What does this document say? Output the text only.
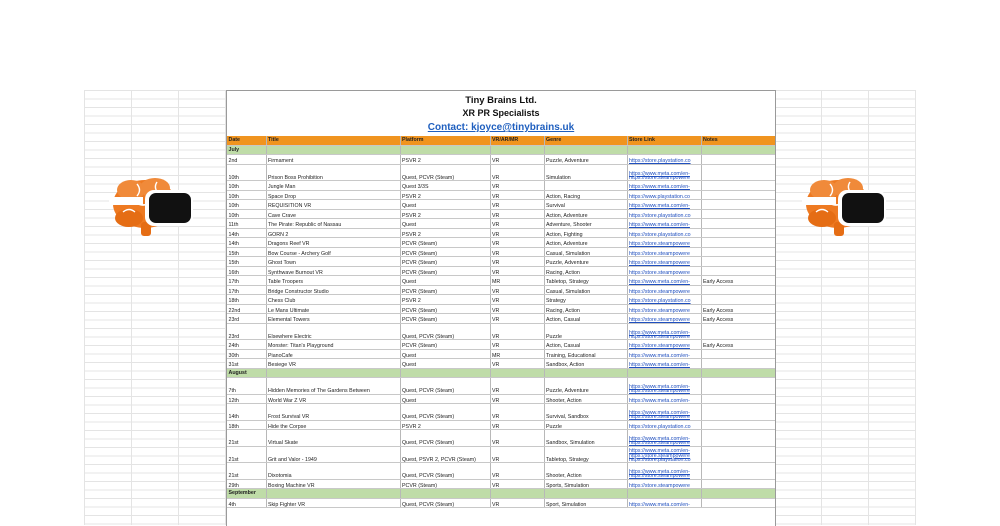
Tiny Brains Ltd.
XR PR Specialists
Contact: kjoyce@tinybrains.uk
Date	Title	Platform	VR/AR/MR	Genre	Store Link	Notes
July						
2nd	Firmament	PSVR 2	VR	Puzzle, Adventure	https://store.playstation.co	

10th	Prison Boss Prohibition	Quest, PCVR (Steam)	VR	Simulation	https://www.meta.com/en-
https://store.steampowere	

10th	Jungle Man	Quest 3/3S	VR		https://www.meta.com/en-	

10th	Space Drop	PSVR 2	VR	Action, Racing	https://www.playstation.co	

10th	REQUISITION VR	Quest	VR	Survival	https://www.meta.com/en-	

10th	Cave Crave	PSVR 2	VR	Action, Adventure	https://store.playstation.co	

11th	The Pirate: Republic of Nassau	Quest	VR	Adventure, Shooter	https://www.meta.com/en-	

14th	GORN 2	PSVR 2	VR	Action, Fighting	https://store.playstation.co	

14th	Dragons Reef VR	PCVR (Steam)	VR	Action, Adventure	https://store.steampowere	

15th	Bow Course - Archery Golf	PCVR (Steam)	VR	Casual, Simulation	https://store.steampowere	

15th	Ghost Town	PCVR (Steam)	VR	Puzzle, Adventure	https://store.steampowere	

16th	Synthwave Burnout VR	PCVR (Steam)	VR	Racing, Action	https://store.steampowere	

17th	Table Troopers	Quest	MR	Tabletop, Strategy	https://www.meta.com/en-	Early Access
17th	Bridge Constructor Studio	PCVR (Steam)	VR	Casual, Simulation	https://store.steampowere	

18th	Chess Club	PSVR 2	VR	Strategy	https://store.playstation.co	

22nd	Le Mans Ultimate	PCVR (Steam)	VR	Racing, Action	https://store.steampowere	Early Access
23rd	Elemental Towers	PCVR (Steam)	VR	Action, Casual	https://store.steampowere	Early Access
23rd	Elsewhere Electric	Quest, PCVR (Steam)	VR	Puzzle	https://www.meta.com/en-
https://store.steampowere	

24th	Monster: Titan's Playground	PCVR (Steam)	VR	Action, Casual	https://store.steampowere	Early Access
30th	PianoCafe	Quest	MR	Training, Educational	https://www.meta.com/en-	

31st	Besiege VR	Quest	VR	Sandbox, Action	https://www.meta.com/en-	

August						
7th	Hidden Memories of The Gardens Between	Quest, PCVR (Steam)	VR	Puzzle, Adventure	https://www.meta.com/en-
https://store.steampowere	

12th	World War Z VR	Quest	VR	Shooter, Action	https://www.meta.com/en-	

14th	Frost Survival VR	Quest, PCVR (Steam)	VR	Survival, Sandbox	https://www.meta.com/en-
https://store.steampowere	

18th	Hide the Corpse	PSVR 2	VR	Puzzle	https://store.playstation.co	

21st	Virtual Skate	Quest, PCVR (Steam)	VR	Sandbox, Simulation	https://www.meta.com/en-
https://store.steampowere	

21st	Grit and Valor - 1949	Quest, PSVR 2, PCVR (Steam)	VR	Tabletop, Strategy	https://www.meta.com/en-
https://store.steampowere
https://store.playstation.co	

21st	Dixotomia	Quest, PCVR (Steam)	VR	Shooter, Action	https://www.meta.com/en-
https://store.steampowere	

29th	Boxing Machine VR	PCVR (Steam)	VR	Sports, Simulation	https://store.steampowere	

September						
4th	Skip Fighter VR	Quest, PCVR (Steam)	VR	Sport, Simulation	https://www.meta.com/en-	
